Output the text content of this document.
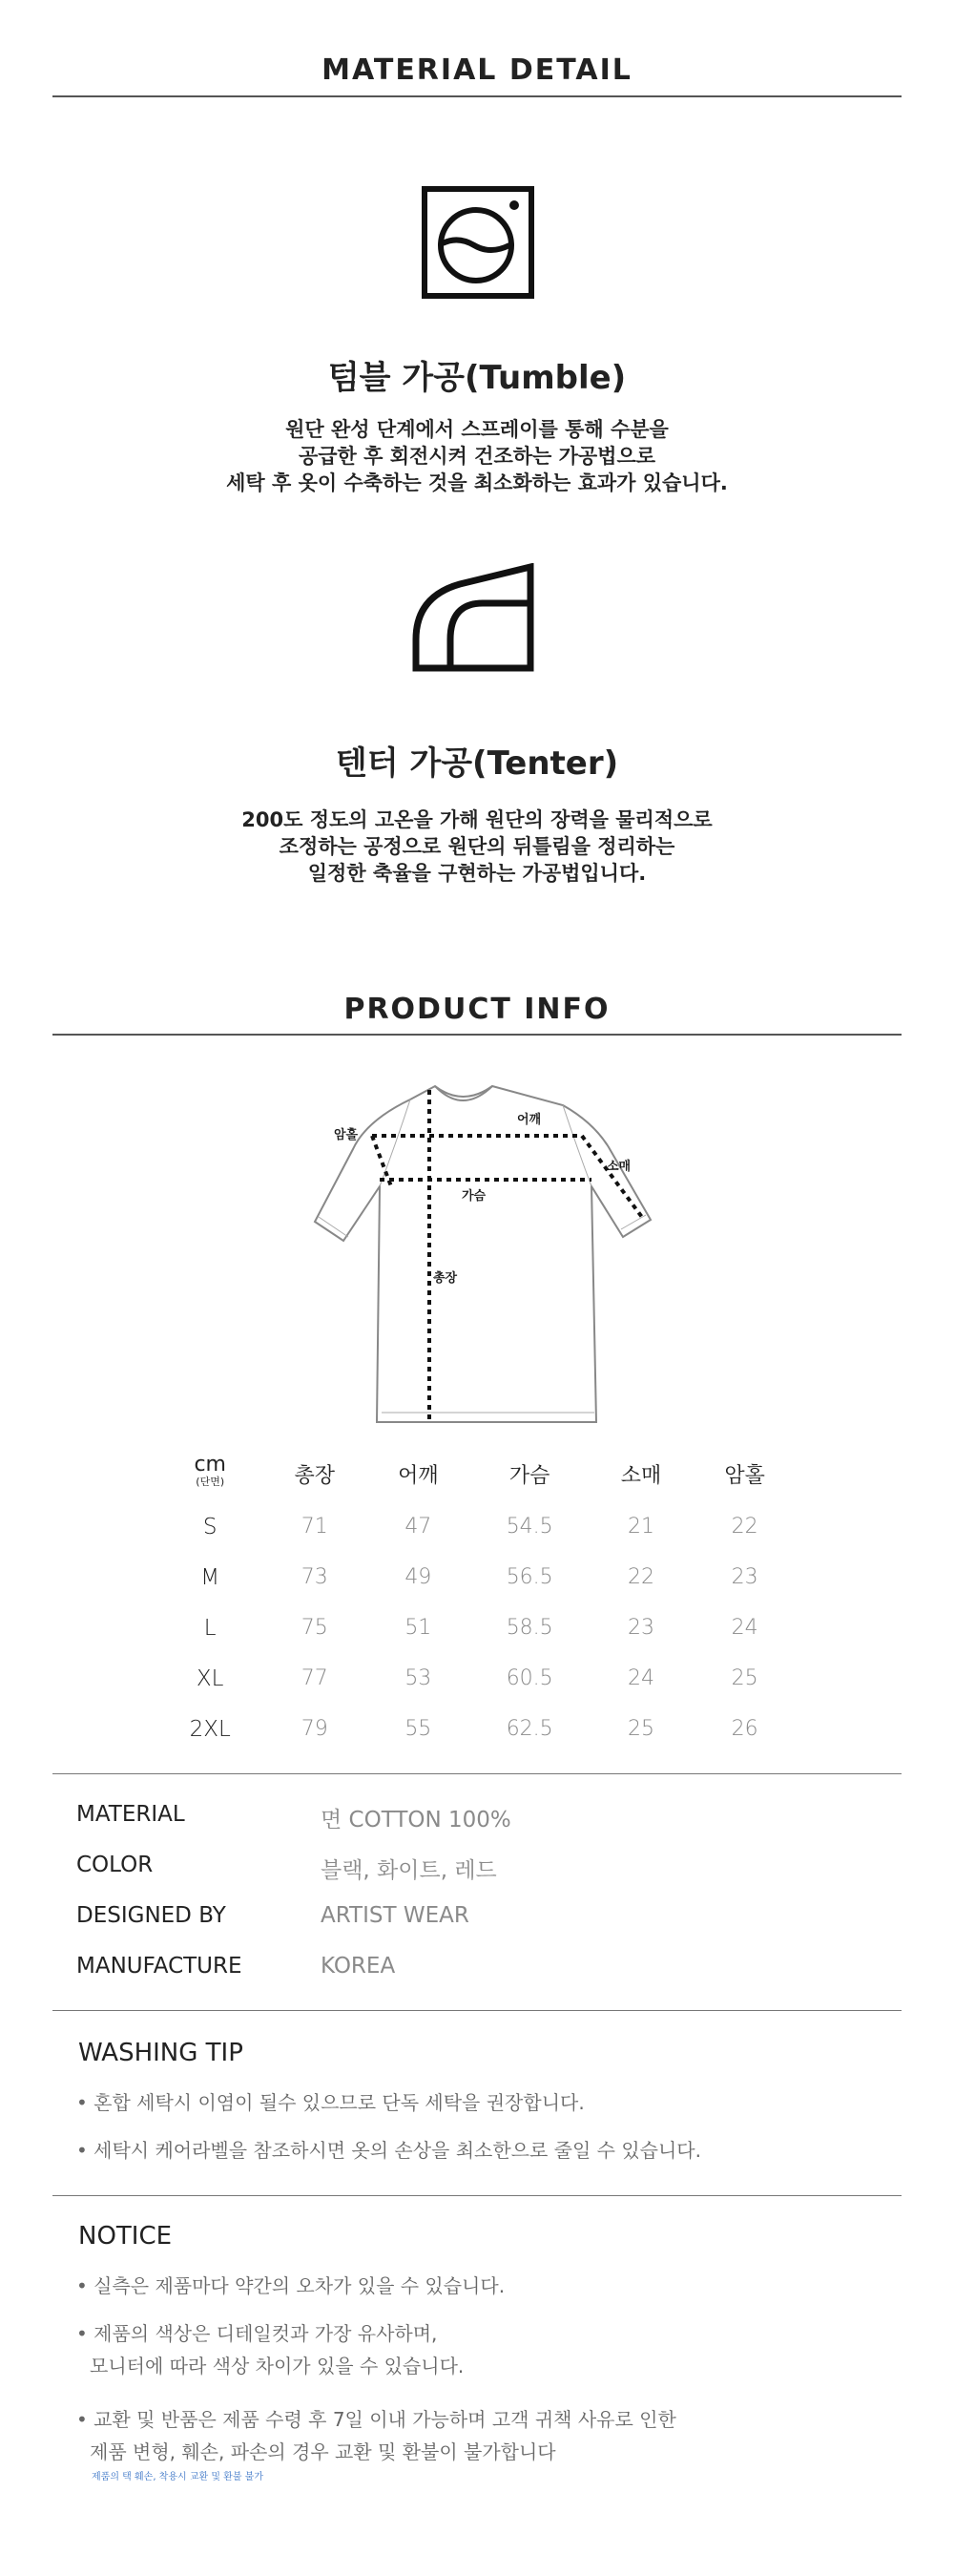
MATERIAL DETAIL
텀블 가공(Tumble)
원단 완성 단계에서 스프레이를 통해 수분을
공급한 후 회전시켜 건조하는 가공법으로
세탁 후 옷이 수축하는 것을 최소화하는 효과가 있습니다.
텐터 가공(Tenter)
200도 정도의 고온을 가해 원단의 장력을 물리적으로
조정하는 공정으로 원단의 뒤틀림을 정리하는
일정한 축율을 구현하는 가공법입니다.
PRODUCT INFO
암홀
어깨
소매
가슴
총장
cm
(단면)	총장	어깨	가슴	소매	암홀
S	71	47	54.5	21	22
M	73	49	56.5	22	23
L	75	51	58.5	23	24
XL	77	53	60.5	24	25
2XL	79	55	62.5	25	26
MATERIAL	면 COTTON 100%
COLOR	블랙, 화이트, 레드
DESIGNED BY	ARTIST WEAR
MANUFACTURE	KOREA
WASHING TIP
• 혼합 세탁시 이염이 될수 있으므로 단독 세탁을 권장합니다.
• 세탁시 케어라벨을 참조하시면 옷의 손상을 최소한으로 줄일 수 있습니다.
NOTICE
• 실측은 제품마다 약간의 오차가 있을 수 있습니다.
• 제품의 색상은 디테일컷과 가장 유사하며,
모니터에 따라 색상 차이가 있을 수 있습니다.
• 교환 및 반품은 제품 수령 후 7일 이내 가능하며 고객 귀책 사유로 인한
제품 변형, 훼손, 파손의 경우 교환 및 환불이 불가합니다
제품의 택 훼손, 착용시 교환 및 환불 불가
